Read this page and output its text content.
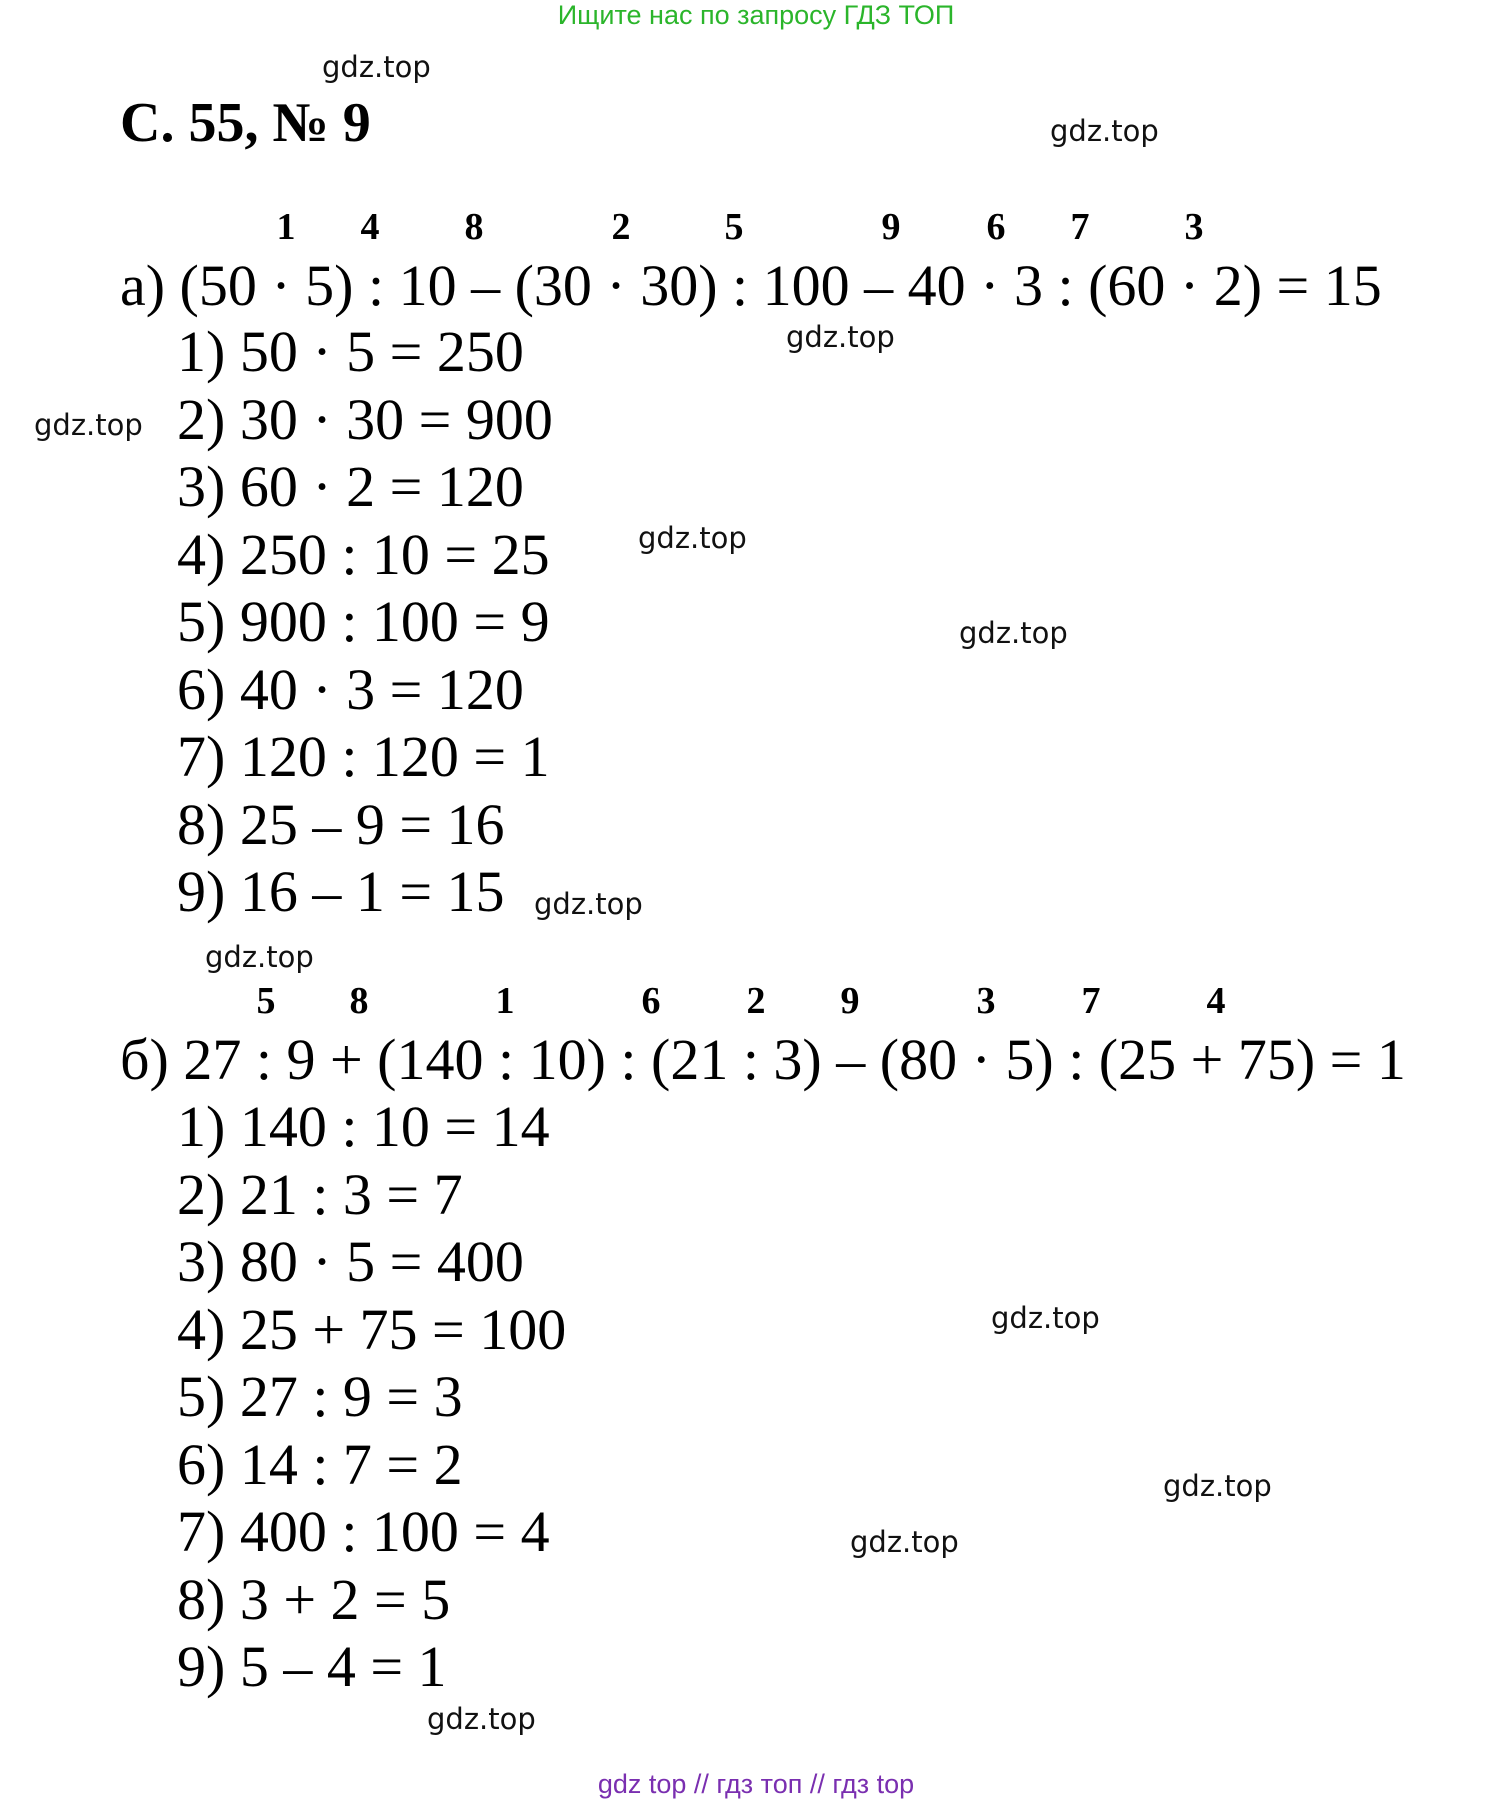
Ищите нас по запросу ГДЗ ТОП
С. 55, № 9
gdz.top
gdz.top
gdz.top
gdz.top
gdz.top
gdz.top
gdz.top
gdz.top
gdz.top
gdz.top
gdz.top
gdz.top
1 4 8	2 5	9 6 7	3
а) (50 · 5) : 10 – (30 · 30) : 100 – 40 · 3 : (60 · 2) = 15
1) 50 · 5 = 250
2) 30 · 30 = 900
3) 60 · 2 = 120
4) 250 : 10 = 25
5) 900 : 100 = 9
6) 40 · 3 = 120
7) 120 : 120 = 1
8) 25 – 9 = 16
9) 16 – 1 = 15
5 8	1	6 2 9	3 7	4
б) 27 : 9 + (140 : 10) : (21 : 3) – (80 · 5) : (25 + 75) = 1
1) 140 : 10 = 14
2) 21 : 3 = 7
3) 80 · 5 = 400
4) 25 + 75 = 100
5) 27 : 9 = 3
6) 14 : 7 = 2
7) 400 : 100 = 4
8) 3 + 2 = 5
9) 5 – 4 = 1
gdz top // гдз топ // гдз top
